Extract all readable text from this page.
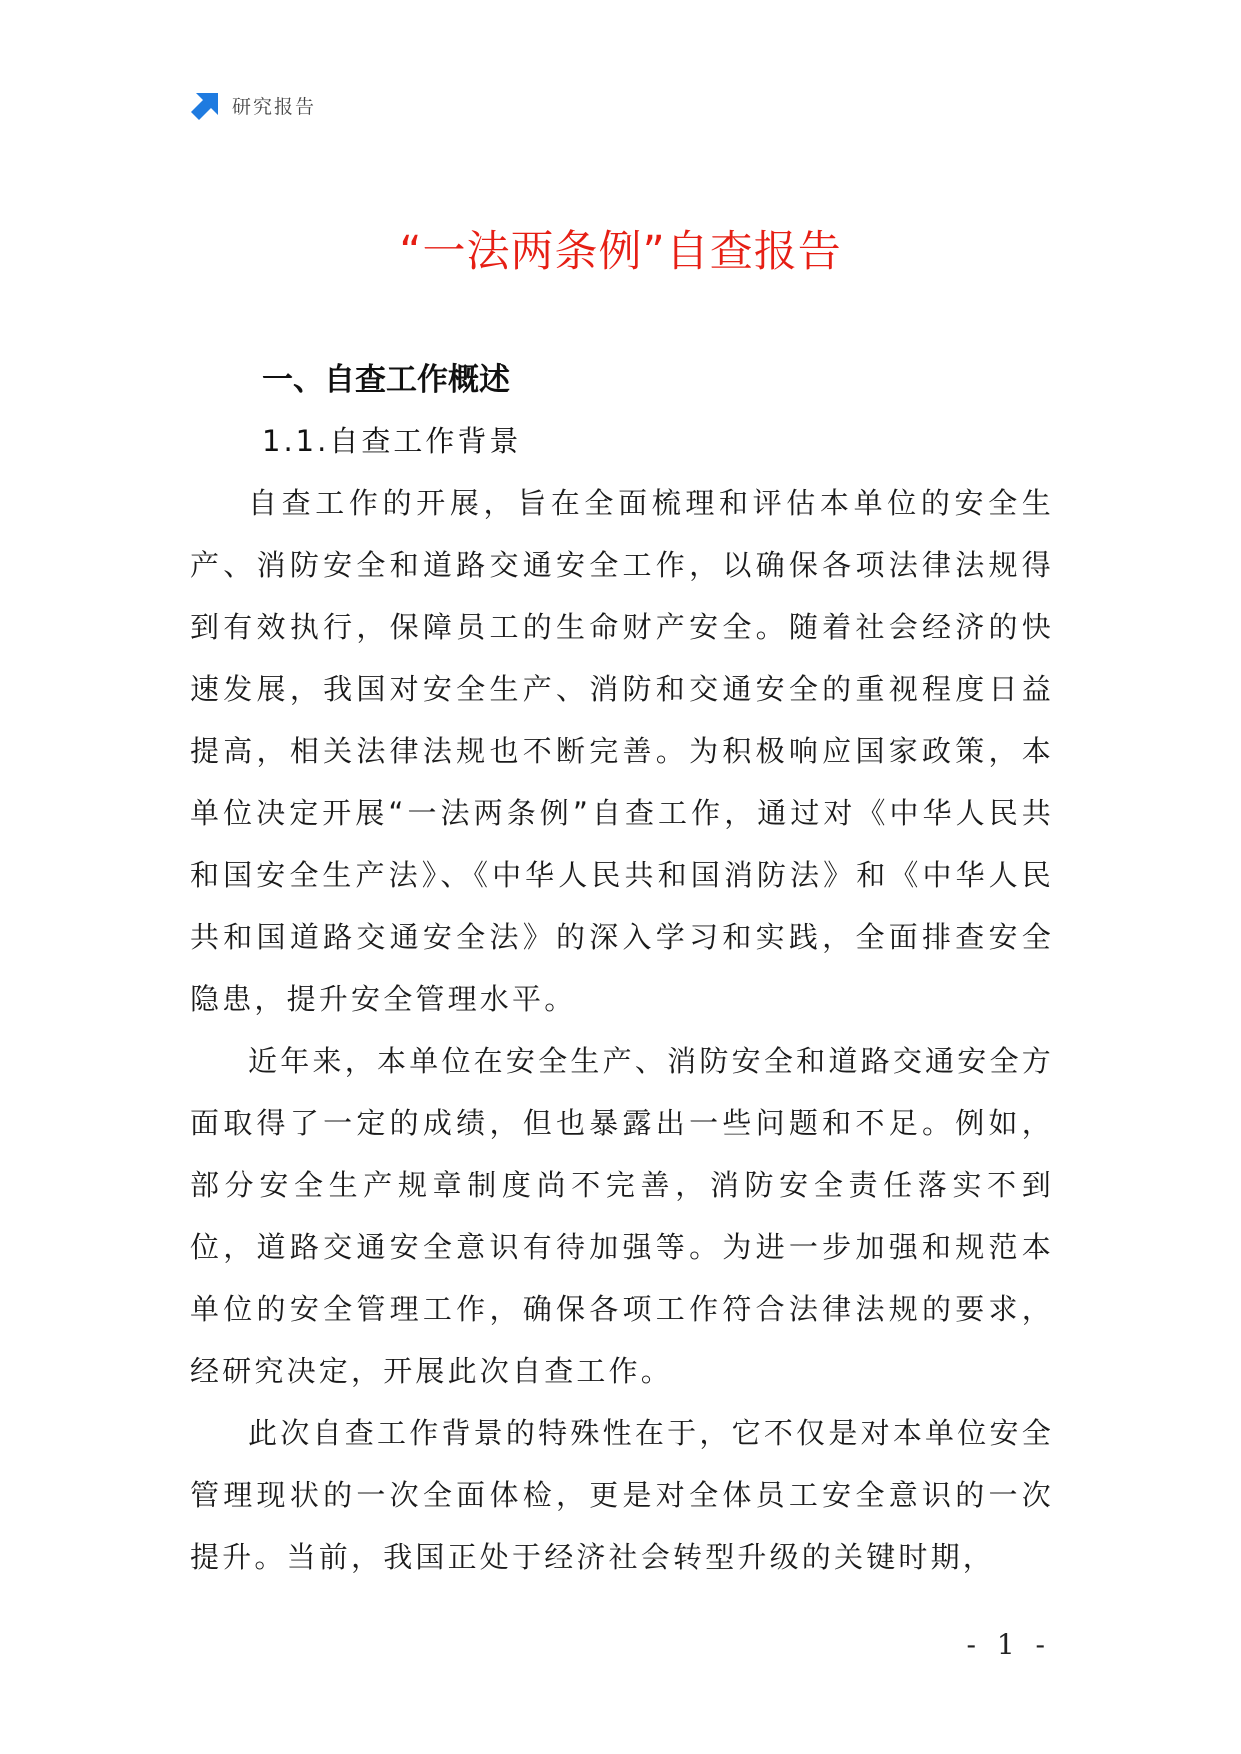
研究报告
“一法两条例”自查报告
一、自查工作概述
1.1.自查工作背景

自查工作的开展，旨在全面梳理和评估本单位的安全生产、消防安全和道路交通安全工作，以确保各项法律法规得到有效执行，保障员工的生命财产安全。随着社会经济的快速发展，我国对安全生产、消防和交通安全的重视程度日益提高，相关法律法规也不断完善。为积极响应国家政策，本单位决定开展“一法两条例”自查工作，通过对《中华人民共和国安全生产法》、《中华人民共和国消防法》和《中华人民共和国道路交通安全法》的深入学习和实践，全面排查安全隐患，提升安全管理水平。

近年来，本单位在安全生产、消防安全和道路交通安全方面取得了一定的成绩，但也暴露出一些问题和不足。例如，部分安全生产规章制度尚不完善，消防安全责任落实不到位，道路交通安全意识有待加强等。为进一步加强和规范本单位的安全管理工作，确保各项工作符合法律法规的要求，经研究决定，开展此次自查工作。

此次自查工作背景的特殊性在于，它不仅是对本单位安全管理现状的一次全面体检，更是对全体员工安全意识的一次提升。当前，我国正处于经济社会转型升级的关键时期，

- 1 -
